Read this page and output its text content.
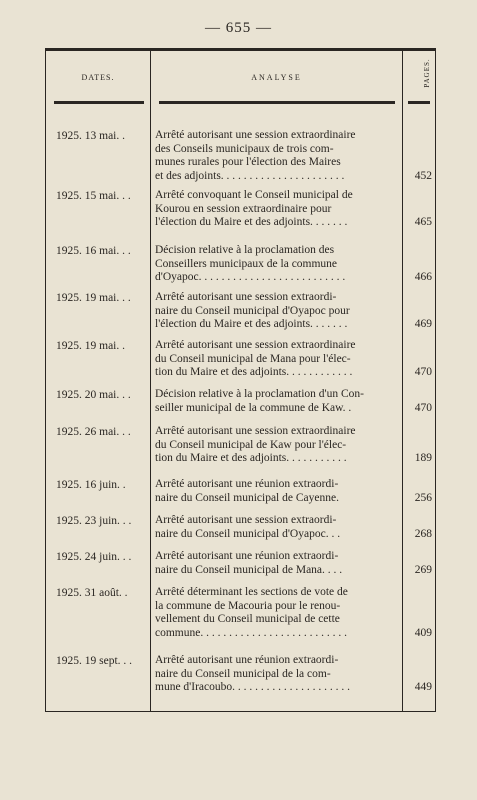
— 655 —
DATES.	ANALYSE	PAGES.
1925. 13 mai. .	Arrêté autorisant une session extraordinaire
des Conseils municipaux de trois com-
munes rurales pour l'élection des Maires
et des adjoints. . . . . . . . . . . . . . . . . . . . . .	452
1925. 15 mai. . .	Arrêté convoquant le Conseil municipal de
Kourou en session extraordinaire pour
l'élection du Maire et des adjoints. . . . . . .	465
1925. 16 mai. . .	Décision relative à la proclamation des
Conseillers municipaux de la commune
d'Oyapoc. . . . . . . . . . . . . . . . . . . . . . . . . .	466
1925. 19 mai. . .	Arrêté autorisant une session extraordi-
naire du Conseil municipal d'Oyapoc pour
l'élection du Maire et des adjoints. . . . . . .	469
1925. 19 mai. .	Arrêté autorisant une session extraordinaire
du Conseil municipal de Mana pour l'élec-
tion du Maire et des adjoints. . . . . . . . . . . .	470
1925. 20 mai. . .	Décision relative à la proclamation d'un Con-
seiller municipal de la commune de Kaw. .	470
1925. 26 mai. . .	Arrêté autorisant une session extraordinaire
du Conseil municipal de Kaw pour l'élec-
tion du Maire et des adjoints. . . . . . . . . . .	189
1925. 16 juin. .	Arrêté autorisant une réunion extraordi-
naire du Conseil municipal de Cayenne.	256
1925. 23 juin. . .	Arrêté autorisant une session extraordi-
naire du Conseil municipal d'Oyapoc. . .	268
1925. 24 juin. . .	Arrêté autorisant une réunion extraordi-
naire du Conseil municipal de Mana. . . .	269
1925. 31 août. .	Arrêté déterminant les sections de vote de
la commune de Macouria pour le renou-
vellement du Conseil municipal de cette
commune. . . . . . . . . . . . . . . . . . . . . . . . . .	409
1925. 19 sept. . .	Arrêté autorisant une réunion extraordi-
naire du Conseil municipal de la com-
mune d'Iracoubo. . . . . . . . . . . . . . . . . . . . .	449
